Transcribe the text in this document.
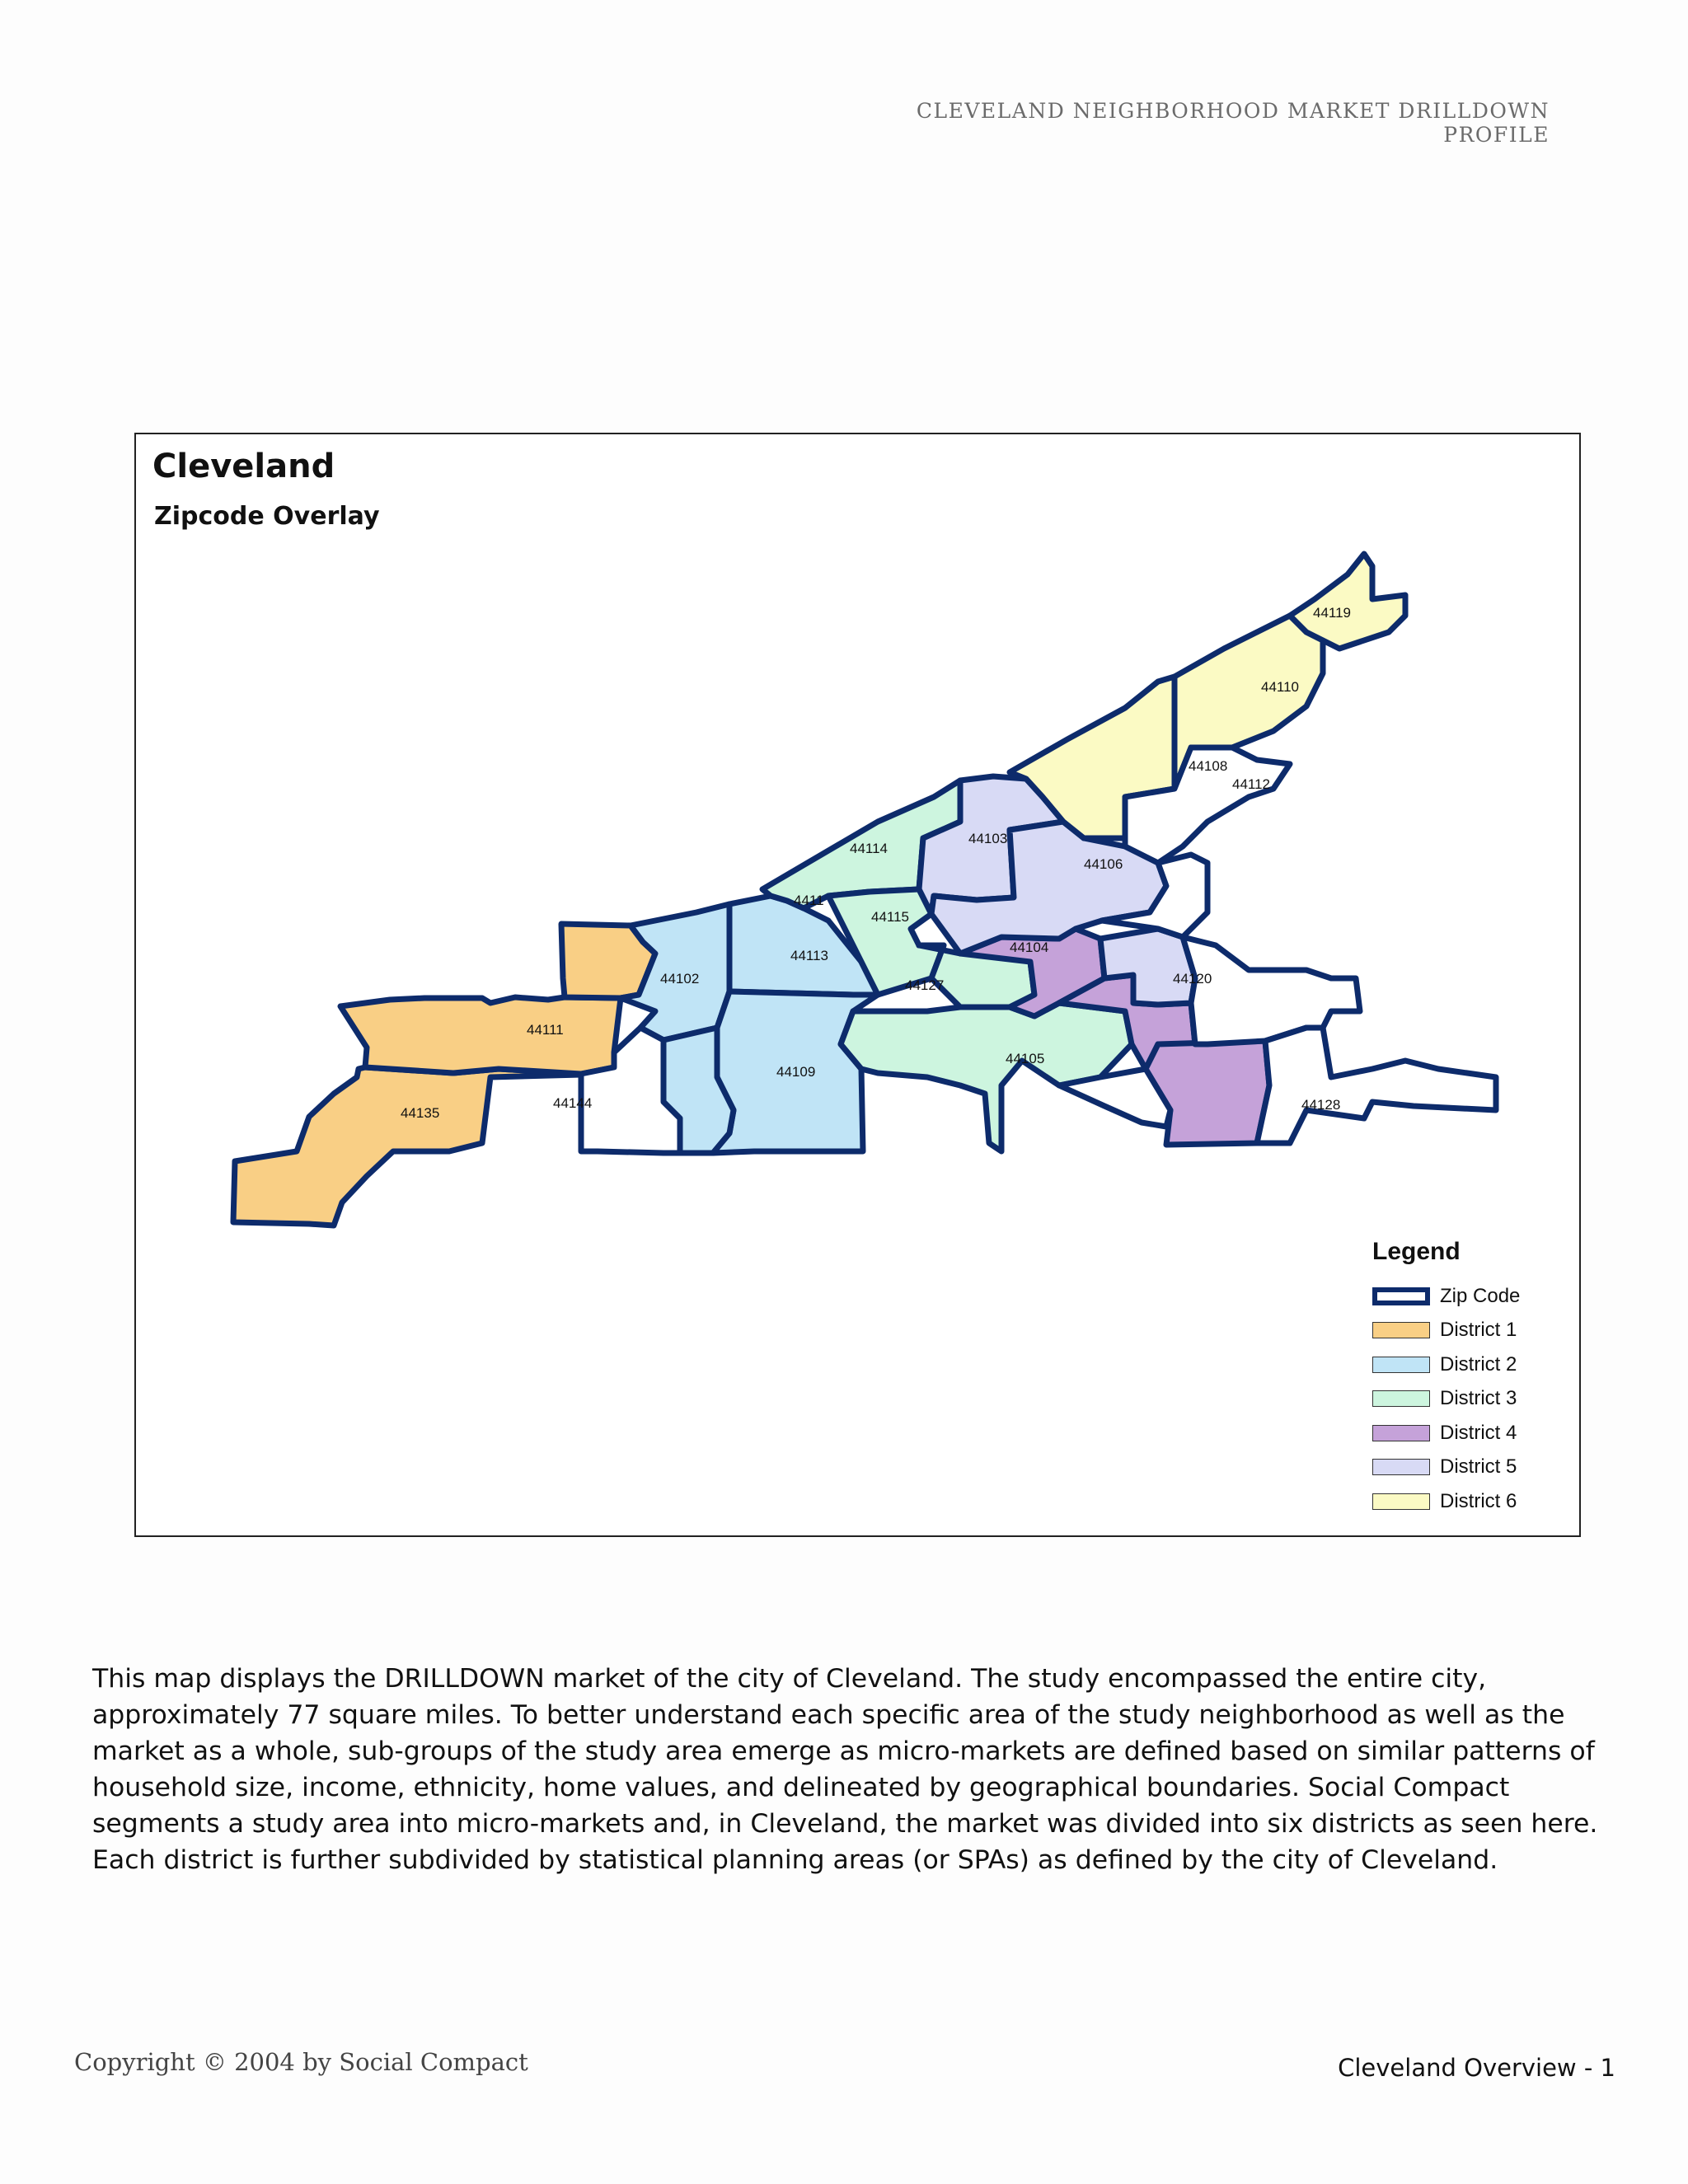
CLEVELAND NEIGHBORHOOD MARKET DRILLDOWN PROFILE
Cleveland
Zipcode Overlay
44119
44110
44108
44112
44103
44114
44106
44113
44115
44104
44102	44127	44120
44111
44109
44105
44144
44135
44128
4411
Legend
Zip Code
District 1
District 2
District 3
District 4
District 5
District 6
This map displays the DRILLDOWN market of the city of Cleveland. The study encompassed the entire city, approximately 77 square miles. To better understand each specific area of the study neighborhood as well as the market as a whole, sub-groups of the study area emerge as micro-markets are defined based on similar patterns of household size, income, ethnicity, home values, and delineated by geographical boundaries. Social Compact segments a study area into micro-markets and, in Cleveland, the market was divided into six districts as seen here. Each district is further subdivided by statistical planning areas (or SPAs) as defined by the city of Cleveland.
Copyright © 2004 by Social Compact	Cleveland Overview - 1
